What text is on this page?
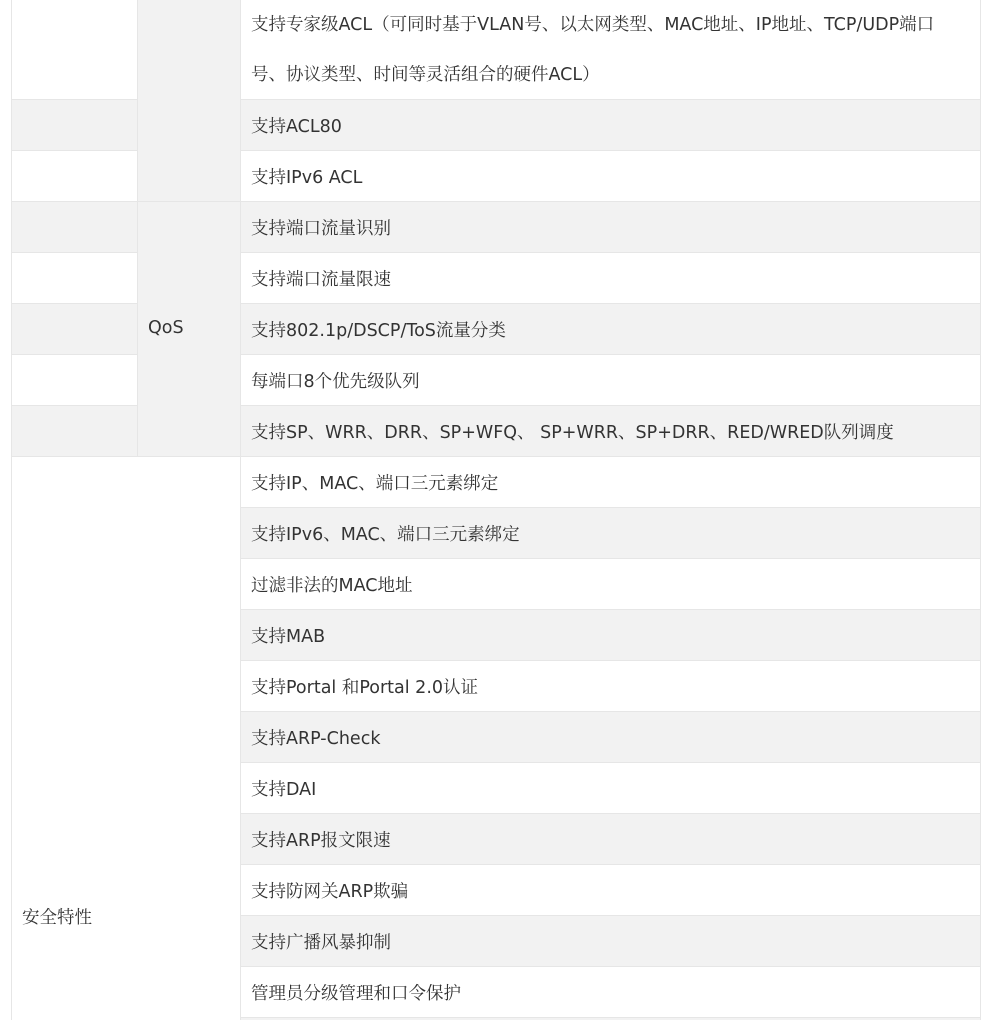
QoS
安全特性
支持专家级ACL（可同时基于VLAN号、以太网类型、MAC地址、IP地址、TCP/UDP端口号、协议类型、时间等灵活组合的硬件ACL）
支持ACL80
支持IPv6 ACL
支持端口流量识别
支持端口流量限速
支持802.1p/DSCP/ToS流量分类
每端口8个优先级队列
支持SP、WRR、DRR、SP+WFQ、 SP+WRR、SP+DRR、RED/WRED队列调度
支持IP、MAC、端口三元素绑定
支持IPv6、MAC、端口三元素绑定
过滤非法的MAC地址
支持MAB
支持Portal 和Portal 2.0认证
支持ARP-Check
支持DAI
支持ARP报文限速
支持防网关ARP欺骗
支持广播风暴抑制
管理员分级管理和口令保护
